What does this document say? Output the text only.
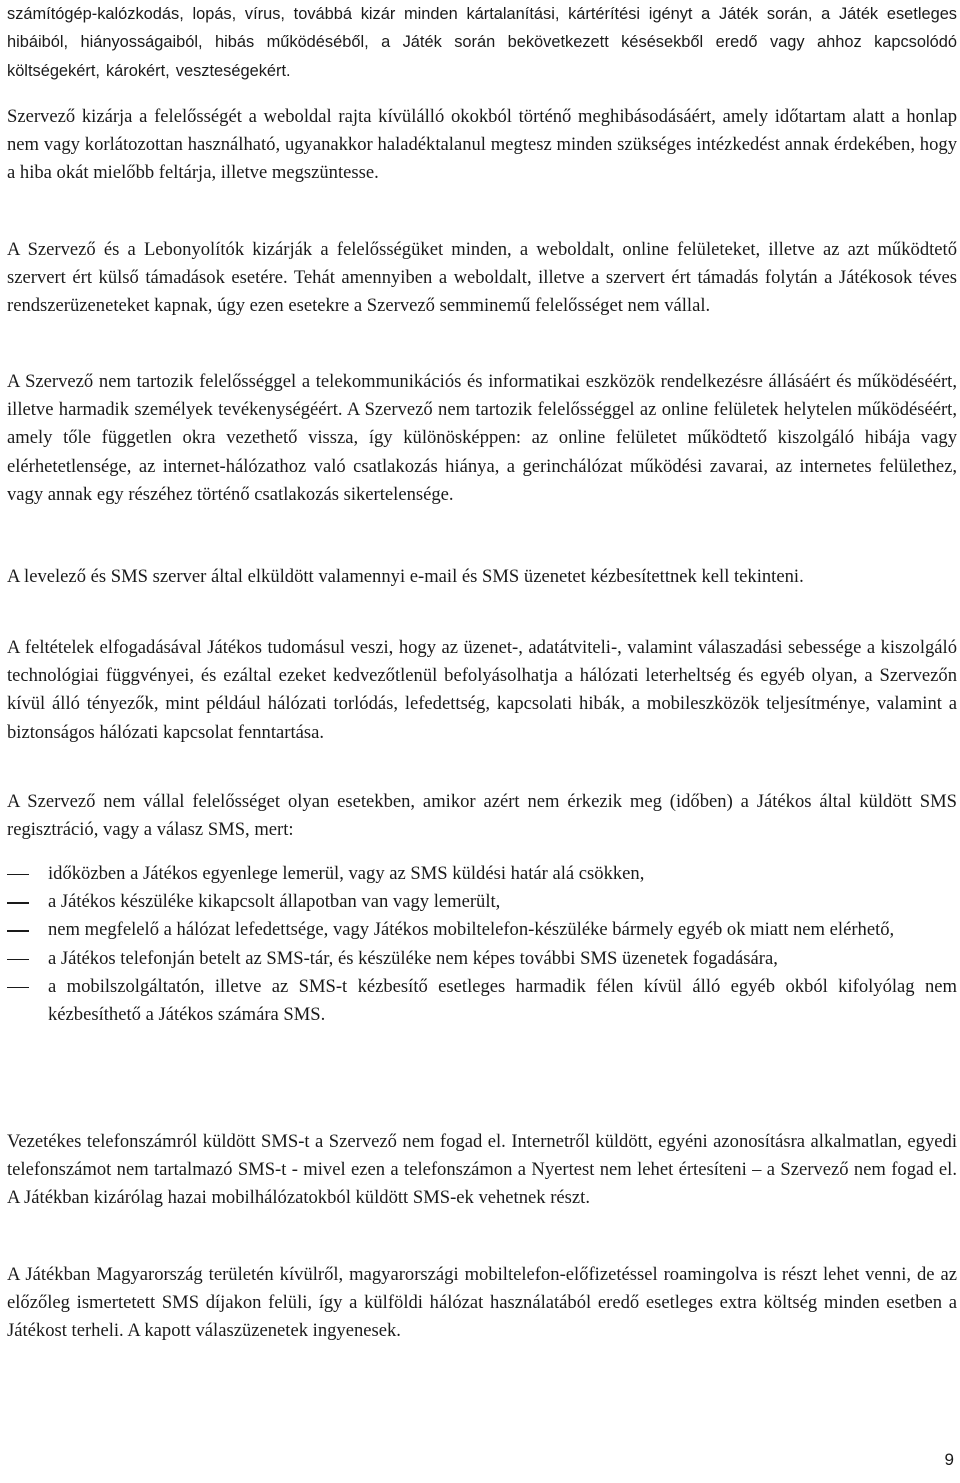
számítógép-kalózkodás, lopás, vírus, továbbá kizár minden kártalanítási, kártérítési igényt a Játék során, a Játék esetleges hibáiból, hiányosságaiból, hibás működéséből, a Játék során bekövetkezett késésekből eredő vagy ahhoz kapcsolódó költségekért, károkért, veszteségekért.

Szervező kizárja a felelősségét a weboldal rajta kívülálló okokból történő meghibásodásáért, amely időtartam alatt a honlap nem vagy korlátozottan használható, ugyanakkor haladéktalanul megtesz minden szükséges intézkedést annak érdekében, hogy a hiba okát mielőbb feltárja, illetve megszüntesse.

A Szervező és a Lebonyolítók kizárják a felelősségüket minden, a weboldalt, online felületeket, illetve az azt működtető szervert ért külső támadások esetére. Tehát amennyiben a weboldalt, illetve a szervert ért támadás folytán a Játékosok téves rendszerüzeneteket kapnak, úgy ezen esetekre a Szervező semminemű felelősséget nem vállal.

A Szervező nem tartozik felelősséggel a telekommunikációs és informatikai eszközök rendelkezésre állásáért és működéséért, illetve harmadik személyek tevékenységéért. A Szervező nem tartozik felelősséggel az online felületek helytelen működéséért, amely tőle független okra vezethető vissza, így különösképpen: az online felületet működtető kiszolgáló hibája vagy elérhetetlensége, az internet-hálózathoz való csatlakozás hiánya, a gerinchálózat működési zavarai, az internetes felülethez, vagy annak egy részéhez történő csatlakozás sikertelensége.

A levelező és SMS szerver által elküldött valamennyi e-mail és SMS üzenetet kézbesítettnek kell tekinteni.

A feltételek elfogadásával Játékos tudomásul veszi, hogy az üzenet-, adatátviteli-, valamint válaszadási sebessége a kiszolgáló technológiai függvényei, és ezáltal ezeket kedvezőtlenül befolyásolhatja a hálózati leterheltség és egyéb olyan, a Szervezőn kívül álló tényezők, mint például hálózati torlódás, lefedettség, kapcsolati hibák, a mobileszközök teljesítménye, valamint a biztonságos hálózati kapcsolat fenntartása.

A Szervező nem vállal felelősséget olyan esetekben, amikor azért nem érkezik meg (időben) a Játékos által küldött SMS regisztráció, vagy a válasz SMS, mert:

időközben a Játékos egyenlege lemerül, vagy az SMS küldési határ alá csökken,
a Játékos készüléke kikapcsolt állapotban van vagy lemerült,
nem megfelelő a hálózat lefedettsége, vagy Játékos mobiltelefon-készüléke bármely egyéb ok miatt nem elérhető,
a Játékos telefonján betelt az SMS-tár, és készüléke nem képes további SMS üzenetek fogadására,
a mobilszolgáltatón, illetve az SMS-t kézbesítő esetleges harmadik félen kívül álló egyéb okból kifolyólag nem kézbesíthető a Játékos számára SMS.

Vezetékes telefonszámról küldött SMS-t a Szervező nem fogad el. Internetről küldött, egyéni azonosításra alkalmatlan, egyedi telefonszámot nem tartalmazó SMS-t - mivel ezen a telefonszámon a Nyertest nem lehet értesíteni – a Szervező nem fogad el. A Játékban kizárólag hazai mobilhálózatokból küldött SMS-ek vehetnek részt.

A Játékban Magyarország területén kívülről, magyarországi mobiltelefon-előfizetéssel roamingolva is részt lehet venni, de az előzőleg ismertetett SMS díjakon felüli, így a külföldi hálózat használatából eredő esetleges extra költség minden esetben a Játékost terheli. A kapott válaszüzenetek ingyenesek.

9
